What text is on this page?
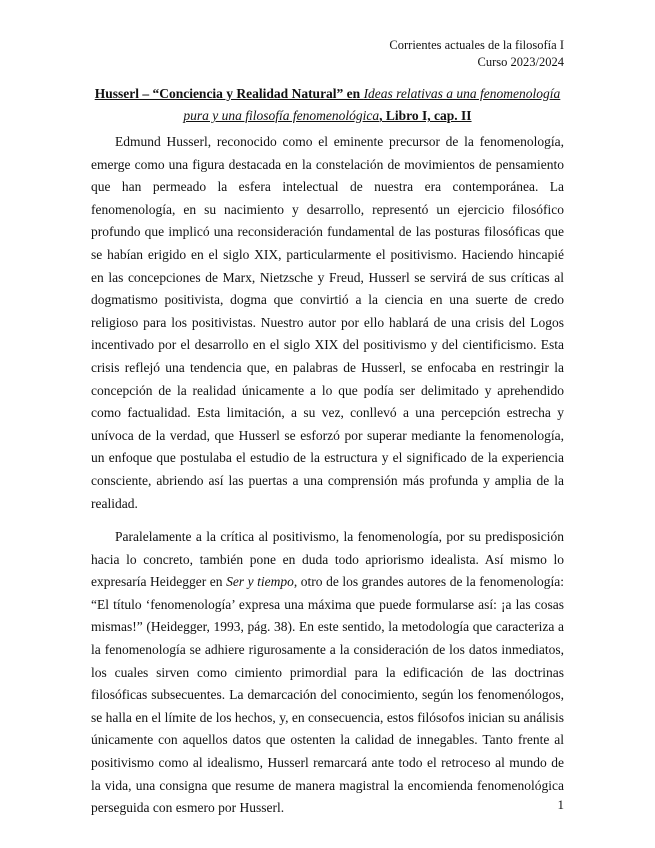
Corrientes actuales de la filosofía I
Curso 2023/2024
Husserl – “Conciencia y Realidad Natural” en Ideas relativas a una fenomenología pura y una filosofía fenomenológica, Libro I, cap. II

Edmund Husserl, reconocido como el eminente precursor de la fenomenología, emerge como una figura destacada en la constelación de movimientos de pensamiento que han permeado la esfera intelectual de nuestra era contemporánea. La fenomenología, en su nacimiento y desarrollo, representó un ejercicio filosófico profundo que implicó una reconsideración fundamental de las posturas filosóficas que se habían erigido en el siglo XIX, particularmente el positivismo. Haciendo hincapié en las concepciones de Marx, Nietzsche y Freud, Husserl se servirá de sus críticas al dogmatismo positivista, dogma que convirtió a la ciencia en una suerte de credo religioso para los positivistas. Nuestro autor por ello hablará de una crisis del Logos incentivado por el desarrollo en el siglo XIX del positivismo y del cientificismo. Esta crisis reflejó una tendencia que, en palabras de Husserl, se enfocaba en restringir la concepción de la realidad únicamente a lo que podía ser delimitado y aprehendido como factualidad. Esta limitación, a su vez, conllevó a una percepción estrecha y unívoca de la verdad, que Husserl se esforzó por superar mediante la fenomenología, un enfoque que postulaba el estudio de la estructura y el significado de la experiencia consciente, abriendo así las puertas a una comprensión más profunda y amplia de la realidad.

Paralelamente a la crítica al positivismo, la fenomenología, por su predisposición hacia lo concreto, también pone en duda todo apriorismo idealista. Así mismo lo expresaría Heidegger en Ser y tiempo, otro de los grandes autores de la fenomenología: “El título ‘fenomenología’ expresa una máxima que puede formularse así: ¡a las cosas mismas!” (Heidegger, 1993, pág. 38). En este sentido, la metodología que caracteriza a la fenomenología se adhiere rigurosamente a la consideración de los datos inmediatos, los cuales sirven como cimiento primordial para la edificación de las doctrinas filosóficas subsecuentes. La demarcación del conocimiento, según los fenomenólogos, se halla en el límite de los hechos, y, en consecuencia, estos filósofos inician su análisis únicamente con aquellos datos que ostenten la calidad de innegables. Tanto frente al positivismo como al idealismo, Husserl remarcará ante todo el retroceso al mundo de la vida, una consigna que resume de manera magistral la encomienda fenomenológica perseguida con esmero por Husserl.	1
